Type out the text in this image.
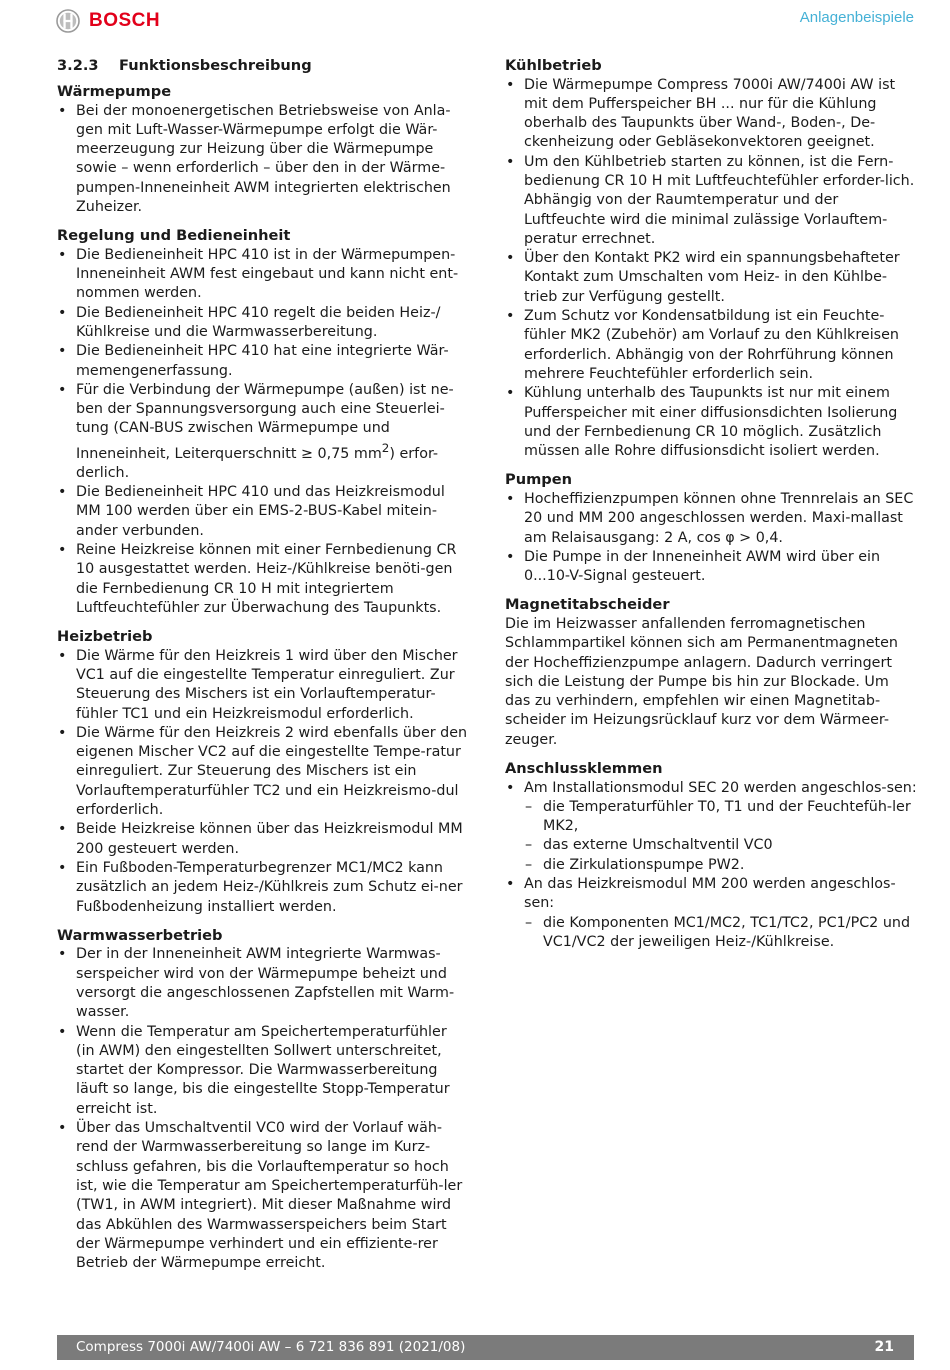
BOSCH	Anlagenbeispiele
3.2.3 Funktionsbeschreibung
Wärmepumpe
• Bei der monoenergetischen Betriebsweise von Anla-gen mit Luft-Wasser-Wärmepumpe erfolgt die Wär-meerzeugung zur Heizung über die Wärmepumpe sowie – wenn erforderlich – über den in der Wärme-pumpen-Inneneinheit AWM integrierten elektrischen Zuheizer.
Regelung und Bedieneinheit
• Die Bedieneinheit HPC 410 ist in der Wärmepumpen-Inneneinheit AWM fest eingebaut und kann nicht ent-nommen werden.
• Die Bedieneinheit HPC 410 regelt die beiden Heiz-/ Kühlkreise und die Warmwasserbereitung.
• Die Bedieneinheit HPC 410 hat eine integrierte Wär-memengenerfassung.
• Für die Verbindung der Wärmepumpe (außen) ist ne-ben der Spannungsversorgung auch eine Steuerlei-tung (CAN-BUS zwischen Wärmepumpe und Inneneinheit, Leiterquerschnitt ≥ 0,75 $mm^2$) erfor-derlich.
• Die Bedieneinheit HPC 410 und das Heizkreismodul MM 100 werden über ein EMS-2-BUS-Kabel mitein-ander verbunden.
• Reine Heizkreise können mit einer Fernbedienung CR 10 ausgestattet werden. Heiz-/Kühlkreise benöti-gen die Fernbedienung CR 10 H mit integriertem Luftfeuchtefühler zur Überwachung des Taupunkts.
Heizbetrieb
• Die Wärme für den Heizkreis 1 wird über den Mischer VC1 auf die eingestellte Temperatur einreguliert. Zur Steuerung des Mischers ist ein Vorlauftemperatur-fühler TC1 und ein Heizkreismodul erforderlich.
• Die Wärme für den Heizkreis 2 wird ebenfalls über den eigenen Mischer VC2 auf die eingestellte Tempe-ratur einreguliert. Zur Steuerung des Mischers ist ein Vorlauftemperaturfühler TC2 und ein Heizkreismo-dul erforderlich.
• Beide Heizkreise können über das Heizkreismodul MM 200 gesteuert werden.
• Ein Fußboden-Temperaturbegrenzer MC1/MC2 kann zusätzlich an jedem Heiz-/Kühlkreis zum Schutz ei-ner Fußbodenheizung installiert werden.
Warmwasserbetrieb
• Der in der Inneneinheit AWM integrierte Warmwas-serspeicher wird von der Wärmepumpe beheizt und versorgt die angeschlossenen Zapfstellen mit Warm-wasser.
• Wenn die Temperatur am Speichertemperaturfühler (in AWM) den eingestellten Sollwert unterschreitet, startet der Kompressor. Die Warmwasserbereitung läuft so lange, bis die eingestellte Stopp-Temperatur erreicht ist.
• Über das Umschaltventil VC0 wird der Vorlauf wäh-rend der Warmwasserbereitung so lange im Kurz-schluss gefahren, bis die Vorlauftemperatur so hoch ist, wie die Temperatur am Speichertemperaturfüh-ler (TW1, in AWM integriert). Mit dieser Maßnahme wird das Abkühlen des Warmwasserspeichers beim Start der Wärmepumpe verhindert und ein effiziente-rer Betrieb der Wärmepumpe erreicht.
Kühlbetrieb
• Die Wärmepumpe Compress 7000i AW/7400i AW ist mit dem Pufferspeicher BH ... nur für die Kühlung oberhalb des Taupunkts über Wand-, Boden-, De-ckenheizung oder Gebläsekonvektoren geeignet.
• Um den Kühlbetrieb starten zu können, ist die Fern-bedienung CR 10 H mit Luftfeuchtefühler erforder-lich. Abhängig von der Raumtemperatur und der Luftfeuchte wird die minimal zulässige Vorlauftem-peratur errechnet.
• Über den Kontakt PK2 wird ein spannungsbehafteter Kontakt zum Umschalten vom Heiz- in den Kühlbe-trieb zur Verfügung gestellt.
• Zum Schutz vor Kondensatbildung ist ein Feuchte-fühler MK2 (Zubehör) am Vorlauf zu den Kühlkreisen erforderlich. Abhängig von der Rohrführung können mehrere Feuchtefühler erforderlich sein.
• Kühlung unterhalb des Taupunkts ist nur mit einem Pufferspeicher mit einer diffusionsdichten Isolierung und der Fernbedienung CR 10 möglich. Zusätzlich müssen alle Rohre diffusionsdicht isoliert werden.
Pumpen
• Hocheffizienzpumpen können ohne Trennrelais an SEC 20 und MM 200 angeschlossen werden. Maxi-mallast am Relaisausgang: 2 A, cos φ > 0,4.
• Die Pumpe in der Inneneinheit AWM wird über ein 0...10-V-Signal gesteuert.
Magnetitabscheider

Die im Heizwasser anfallenden ferromagnetischen Schlammpartikel können sich am Permanentmagneten der Hocheffizienzpumpe anlagern. Dadurch verringert sich die Leistung der Pumpe bis hin zur Blockade. Um das zu verhindern, empfehlen wir einen Magnetitab-scheider im Heizungsrücklauf kurz vor dem Wärmeer-zeuger.

Anschlussklemmen
• Am Installationsmodul SEC 20 werden angeschlos-sen:
– die Temperaturfühler T0, T1 und der Feuchtefüh-ler MK2,
– das externe Umschaltventil VC0
– die Zirkulationspumpe PW2.
• An das Heizkreismodul MM 200 werden angeschlos-sen:
– die Komponenten MC1/MC2, TC1/TC2, PC1/PC2 und VC1/VC2 der jeweiligen Heiz-/Kühlkreise.
Compress 7000i AW/7400i AW – 6 721 836 891 (2021/08)	21
